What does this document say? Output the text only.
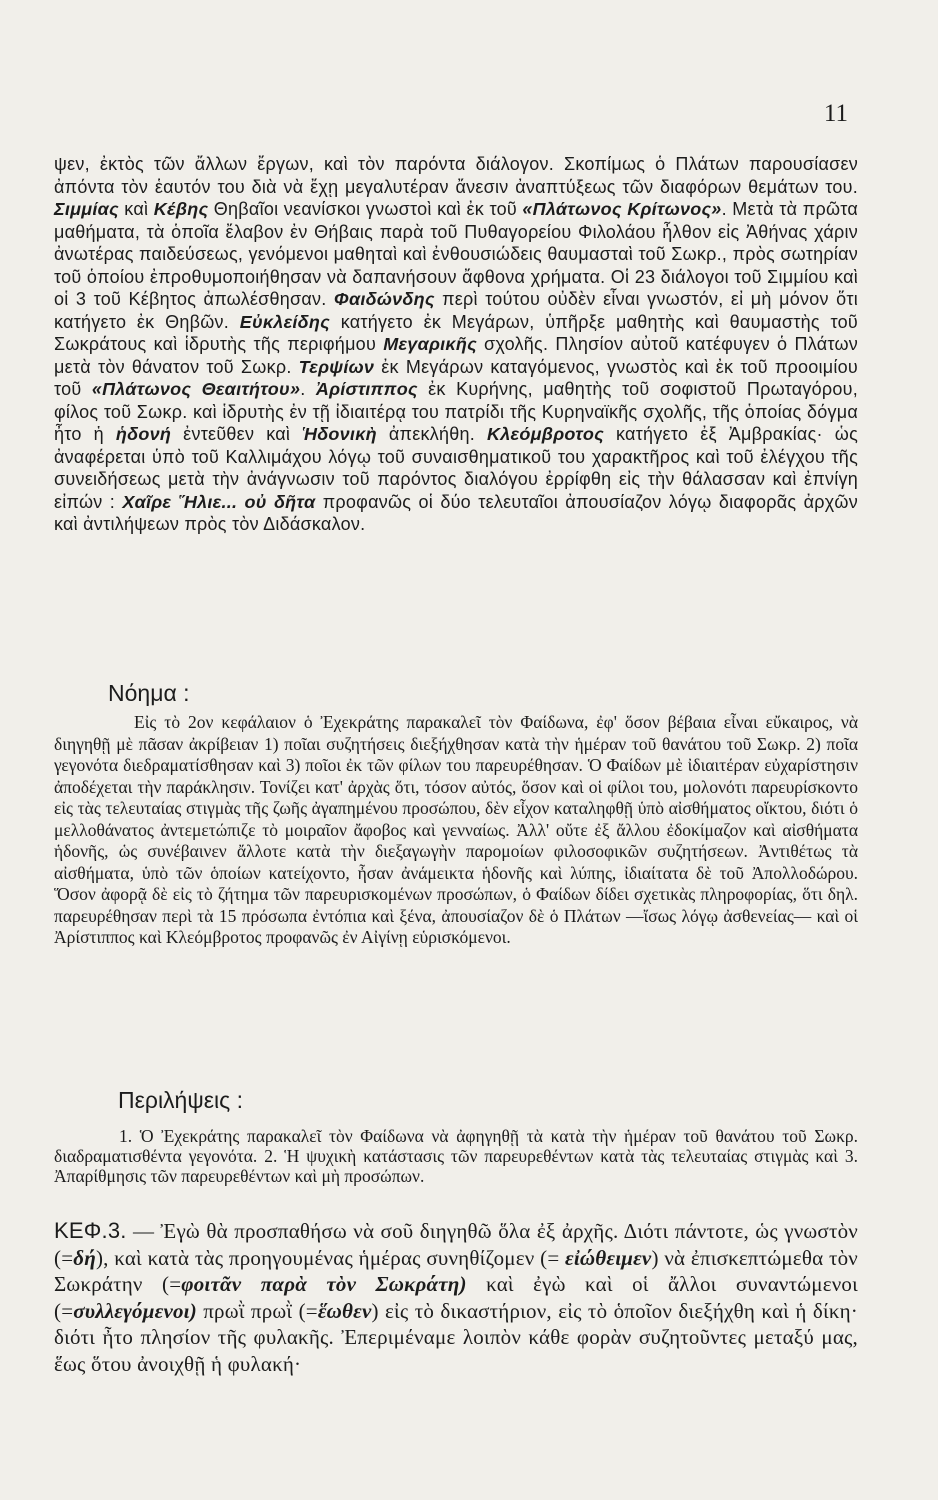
11

ψεν, ἐκτὸς τῶν ἄλλων ἔργων, καὶ τὸν παρόντα διάλογον. Σκοπίμως ὁ Πλάτων παρουσίασεν ἀπόντα τὸν ἑαυτόν του διὰ νὰ ἔχῃ μεγαλυτέραν ἄνεσιν ἀναπτύξεως τῶν διαφόρων θεμάτων του. Σιμμίας καὶ Κέβης Θηβαῖοι νεανίσκοι γνωστοὶ καὶ ἐκ τοῦ «Πλάτωνος Κρίτωνος». Μετὰ τὰ πρῶτα μαθήματα, τὰ ὁποῖα ἔλαβον ἐν Θήβαις παρὰ τοῦ Πυθαγορείου Φιλολάου ἦλθον εἰς Ἀθήνας χάριν ἀνωτέρας παιδεύσεως, γενόμενοι μαθηταὶ καὶ ἐνθουσιώδεις θαυμασταὶ τοῦ Σωκρ., πρὸς σωτηρίαν τοῦ ὁποίου ἐπροθυμοποιήθησαν νὰ δαπανήσουν ἄφθονα χρήματα. Οἱ 23 διάλογοι τοῦ Σιμμίου καὶ οἱ 3 τοῦ Κέβητος ἀπωλέσθησαν. Φαιδώνδης περὶ τούτου οὐδὲν εἶναι γνωστόν, εἰ μὴ μόνον ὅτι κατήγετο ἐκ Θηβῶν. Εὐκλείδης κατήγετο ἐκ Μεγάρων, ὑπῆρξε μαθητὴς καὶ θαυμαστὴς τοῦ Σωκράτους καὶ ἱδρυτὴς τῆς περιφήμου Μεγαρικῆς σχολῆς. Πλησίον αὐτοῦ κατέφυγεν ὁ Πλάτων μετὰ τὸν θάνατον τοῦ Σωκρ. Τερψίων ἐκ Μεγάρων καταγόμενος, γνωστὸς καὶ ἐκ τοῦ προοιμίου τοῦ «Πλάτωνος Θεαιτήτου». Ἀρίστιππος ἐκ Κυρήνης, μαθητὴς τοῦ σοφιστοῦ Πρωταγόρου, φίλος τοῦ Σωκρ. καὶ ἱδρυτὴς ἐν τῇ ἰδιαιτέρᾳ του πατρίδι τῆς Κυρηναϊκῆς σχολῆς, τῆς ὁποίας δόγμα ἦτο ἡ ἡδονή ἐντεῦθεν καὶ Ἡδονικὴ ἀπεκλήθη. Κλεόμβροτος κατήγετο ἐξ Ἀμβρακίας· ὡς ἀναφέρεται ὑπὸ τοῦ Καλλιμάχου λόγῳ τοῦ συναισθηματικοῦ του χαρακτῆρος καὶ τοῦ ἐλέγχου τῆς συνειδήσεως μετὰ τὴν ἀνάγνωσιν τοῦ παρόντος διαλόγου ἐρρίφθη εἰς τὴν θάλασσαν καὶ ἐπνίγη εἰπών : Χαῖρε Ἥλιε... οὐ δῆτα προφανῶς οἱ δύο τελευταῖοι ἀπουσίαζον λόγῳ διαφορᾶς ἀρχῶν καὶ ἀντιλήψεων πρὸς τὸν Διδάσκαλον.

Νόημα :

Εἰς τὸ 2ον κεφάλαιον ὁ Ἐχεκράτης παρακαλεῖ τὸν Φαίδωνα, ἐφ' ὅσον βέβαια εἶναι εὔκαιρος, νὰ διηγηθῇ μὲ πᾶσαν ἀκρίβειαν 1) ποῖαι συζητήσεις διεξήχθησαν κατὰ τὴν ἡμέραν τοῦ θανάτου τοῦ Σωκρ. 2) ποῖα γεγονότα διεδραματίσθησαν καὶ 3) ποῖοι ἐκ τῶν φίλων του παρευρέθησαν. Ὁ Φαίδων μὲ ἰδιαιτέραν εὐχαρίστησιν ἀποδέχεται τὴν παράκλησιν. Τονίζει κατ' ἀρχὰς ὅτι, τόσον αὐτός, ὅσον καὶ οἱ φίλοι του, μολονότι παρευρίσκοντο εἰς τὰς τελευταίας στιγμὰς τῆς ζωῆς ἀγαπημένου προσώπου, δὲν εἶχον καταληφθῇ ὑπὸ αἰσθήματος οἴκτου, διότι ὁ μελλοθάνατος ἀντεμετώπιζε τὸ μοιραῖον ἄφοβος καὶ γενναίως. Ἀλλ' οὔτε ἐξ ἄλλου ἐδοκίμαζον καὶ αἰσθήματα ἡδονῆς, ὡς συνέβαινεν ἄλλοτε κατὰ τὴν διεξαγωγὴν παρομοίων φιλοσοφικῶν συζητήσεων. Ἀντιθέτως τὰ αἰσθήματα, ὑπὸ τῶν ὁποίων κατείχοντο, ἦσαν ἀνάμεικτα ἡδονῆς καὶ λύπης, ἰδιαίτατα δὲ τοῦ Ἀπολλοδώρου. Ὅσον ἀφορᾷ δὲ εἰς τὸ ζήτημα τῶν παρευρισκομένων προσώπων, ὁ Φαίδων δίδει σχετικὰς πληροφορίας, ὅτι δηλ. παρευρέθησαν περὶ τὰ 15 πρόσωπα ἐντόπια καὶ ξένα, ἀπουσίαζον δὲ ὁ Πλάτων —ἴσως λόγῳ ἀσθενείας— καὶ οἱ Ἀρίστιππος καὶ Κλεόμβροτος προφανῶς ἐν Αἰγίνῃ εὑρισκόμενοι.

Περιλήψεις :

1. Ὁ Ἐχεκράτης παρακαλεῖ τὸν Φαίδωνα νὰ ἀφηγηθῇ τὰ κατὰ τὴν ἡμέραν τοῦ θανάτου τοῦ Σωκρ. διαδραματισθέντα γεγονότα. 2. Ἡ ψυχικὴ κατάστασις τῶν παρευρεθέντων κατὰ τὰς τελευταίας στιγμὰς καὶ 3. Ἀπαρίθμησις τῶν παρευρεθέντων καὶ μὴ προσώπων.

ΚΕΦ.3. — Ἐγὼ θὰ προσπαθήσω νὰ σοῦ διηγηθῶ ὅλα ἐξ ἀρχῆς. Διότι πάντοτε, ὡς γνωστὸν (=δή), καὶ κατὰ τὰς προηγουμένας ἡμέρας συνηθίζομεν (= εἰώθειμεν) νὰ ἐπισκεπτώμεθα τὸν Σωκράτην (=φοιτᾶν παρὰ τὸν Σωκράτη) καὶ ἐγὼ καὶ οἱ ἄλλοι συναντώμενοι (=συλλεγόμενοι) πρωῒ πρωῒ (=ἕωθεν) εἰς τὸ δικαστήριον, εἰς τὸ ὁποῖον διεξήχθη καὶ ἡ δίκη· διότι ἦτο πλησίον τῆς φυλακῆς. Ἐπεριμέναμε λοιπὸν κάθε φορὰν συζητοῦντες μεταξύ μας, ἕως ὅτου ἀνοιχθῇ ἡ φυλακή·
